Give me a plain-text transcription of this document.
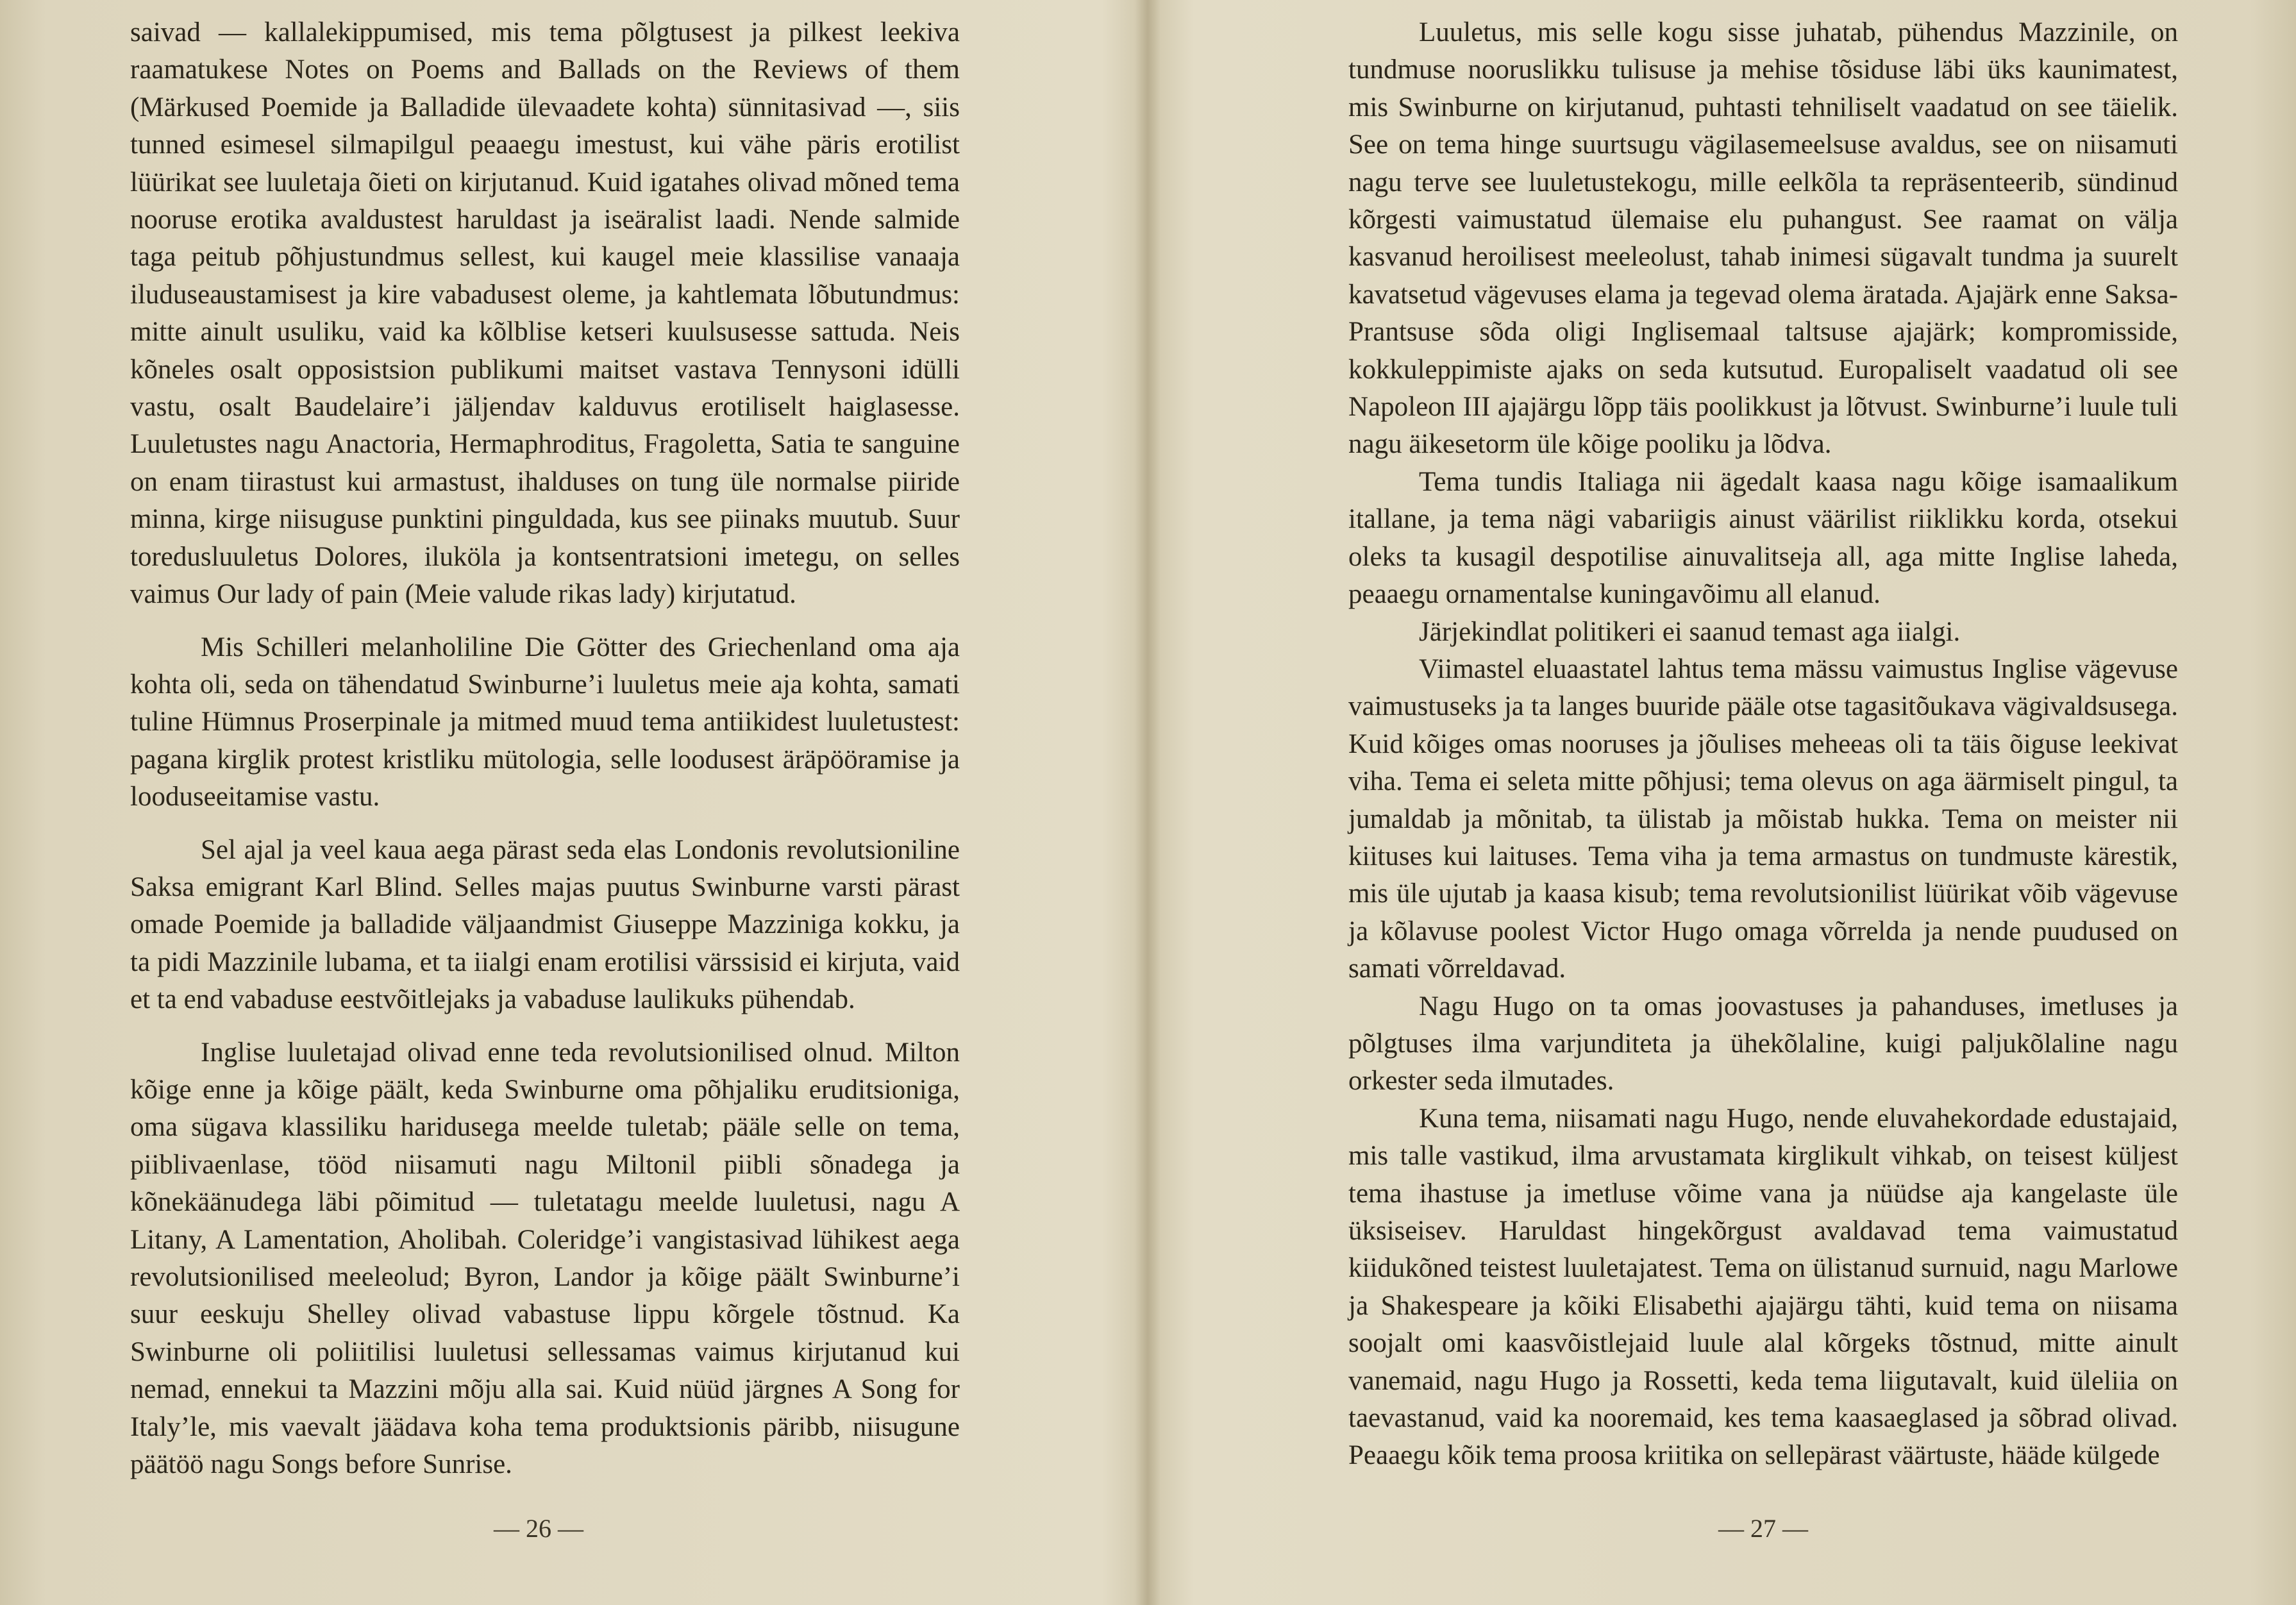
saivad — kallalekippumised, mis tema põlgtusest ja pilkest leekiva raamatukese Notes on Poems and Ballads on the Reviews of them (Märkused Poemide ja Balladide ülevaadete kohta) sünnitasivad —, siis tunned esimesel silmapilgul peaaegu imestust, kui vähe päris erotilist lüürikat see luuletaja õieti on kirjutanud. Kuid igatahes olivad mõned tema nooruse erotika avaldustest haruldast ja iseäralist laadi. Nende salmide taga peitub põhjustundmus sellest, kui kaugel meie klassilise vanaaja iluduseaustamisest ja kire vabadusest oleme, ja kahtlemata lõbutundmus: mitte ainult usuliku, vaid ka kõlblise ketseri kuulsusesse sattuda. Neis kõneles osalt opposistsion publikumi maitset vastava Tennysoni idülli vastu, osalt Baudelaire’i jäljendav kalduvus erotiliselt haiglasesse. Luuletustes nagu Anactoria, Hermaphroditus, Fragoletta, Satia te sanguine on enam tiirastust kui armastust, ihalduses on tung üle normalse piiride minna, kirge niisuguse punktini pinguldada, kus see piinaks muutub. Suur toredusluuletus Dolores, iluköla ja kontsentratsioni imetegu, on selles vaimus Our lady of pain (Meie valude rikas lady) kirjutatud.

Mis Schilleri melanholiline Die Götter des Griechenland oma aja kohta oli, seda on tähendatud Swinburne’i luuletus meie aja kohta, samati tuline Hümnus Proserpinale ja mitmed muud tema antiikidest luuletustest: pagana kirglik protest kristliku mütologia, selle loodusest äräpööramise ja looduseeitamise vastu.

Sel ajal ja veel kaua aega pärast seda elas Londonis revolutsioniline Saksa emigrant Karl Blind. Selles majas puutus Swinburne varsti pärast omade Poemide ja balladide väljaandmist Giuseppe Mazziniga kokku, ja ta pidi Mazzinile lubama, et ta iialgi enam erotilisi värssisid ei kirjuta, vaid et ta end vabaduse eestvõitlejaks ja vabaduse laulikuks pühendab.

Inglise luuletajad olivad enne teda revolutsionilised olnud. Milton kõige enne ja kõige päält, keda Swinburne oma põhjaliku eruditsioniga, oma sügava klassiliku haridusega meelde tuletab; pääle selle on tema, piiblivaenlase, tööd niisamuti nagu Miltonil piibli sõnadega ja kõnekäänudega läbi põimitud — tuletatagu meelde luuletusi, nagu A Litany, A Lamentation, Aholibah. Coleridge’i vangistasivad lühikest aega revolutsionilised meeleolud; Byron, Landor ja kõige päält Swinburne’i suur eeskuju Shelley olivad vabastuse lippu kõrgele tõstnud. Ka Swinburne oli poliitilisi luuletusi sellessamas vaimus kirjutanud kui nemad, ennekui ta Mazzini mõju alla sai. Kuid nüüd järgnes A Song for Italy’le, mis vaevalt jäädava koha tema produktsionis päribb, niisugune päätöö nagu Songs before Sunrise.

— 26 —

Luuletus, mis selle kogu sisse juhatab, pühendus Mazzinile, on tundmuse nooruslikku tulisuse ja mehise tõsiduse läbi üks kaunimatest, mis Swinburne on kirjutanud, puhtasti tehniliselt vaadatud on see täielik. See on tema hinge suurtsugu vägilasemeelsuse avaldus, see on niisamuti nagu terve see luuletustekogu, mille eelkõla ta repräsenteerib, sündinud kõrgesti vaimustatud ülemaise elu puhangust. See raamat on välja kasvanud heroilisest meeleolust, tahab inimesi sügavalt tundma ja suurelt kavatsetud vägevuses elama ja tegevad olema äratada. Ajajärk enne Saksa-Prantsuse sõda oligi Inglisemaal taltsuse ajajärk; kompromisside, kokkuleppimiste ajaks on seda kutsutud. Europaliselt vaadatud oli see Napoleon III ajajärgu lõpp täis poolikkust ja lõtvust. Swinburne’i luule tuli nagu äikesetorm üle kõige pooliku ja lõdva.

Tema tundis Italiaga nii ägedalt kaasa nagu kõige isamaalikum itallane, ja tema nägi vabariigis ainust väärilist riiklikku korda, otsekui oleks ta kusagil despotilise ainuvalitseja all, aga mitte Inglise laheda, peaaegu ornamentalse kuningavõimu all elanud.

Järjekindlat politikeri ei saanud temast aga iialgi.

Viimastel eluaastatel lahtus tema mässu vaimustus Inglise vägevuse vaimustuseks ja ta langes buuride pääle otse tagasitõukava vägivaldsusega. Kuid kõiges omas nooruses ja jõulises meheeas oli ta täis õiguse leekivat viha. Tema ei seleta mitte põhjusi; tema olevus on aga äärmiselt pingul, ta jumaldab ja mõnitab, ta ülistab ja mõistab hukka. Tema on meister nii kiituses kui laituses. Tema viha ja tema armastus on tundmuste kärestik, mis üle ujutab ja kaasa kisub; tema revolutsionilist lüürikat võib vägevuse ja kõlavuse poolest Victor Hugo omaga võrrelda ja nende puudused on samati võrreldavad.

Nagu Hugo on ta omas joovastuses ja pahanduses, imetluses ja põlgtuses ilma varjunditeta ja ühekõlaline, kuigi paljukõlaline nagu orkester seda ilmutades.

Kuna tema, niisamati nagu Hugo, nende eluvahekordade edustajaid, mis talle vastikud, ilma arvustamata kirglikult vihkab, on teisest küljest tema ihastuse ja imetluse võime vana ja nüüdse aja kangelaste üle üksiseisev. Haruldast hingekõrgust avaldavad tema vaimustatud kiidukõned teistest luuletajatest. Tema on ülistanud surnuid, nagu Marlowe ja Shakespeare ja kõiki Elisabethi ajajärgu tähti, kuid tema on niisama soojalt omi kaasvõistlejaid luule alal kõrgeks tõstnud, mitte ainult vanemaid, nagu Hugo ja Rossetti, keda tema liigutavalt, kuid üleliia on taevastanud, vaid ka nooremaid, kes tema kaasaeglased ja sõbrad olivad. Peaaegu kõik tema proosa kriitika on sellepärast väärtuste, hääde külgede

— 27 —
